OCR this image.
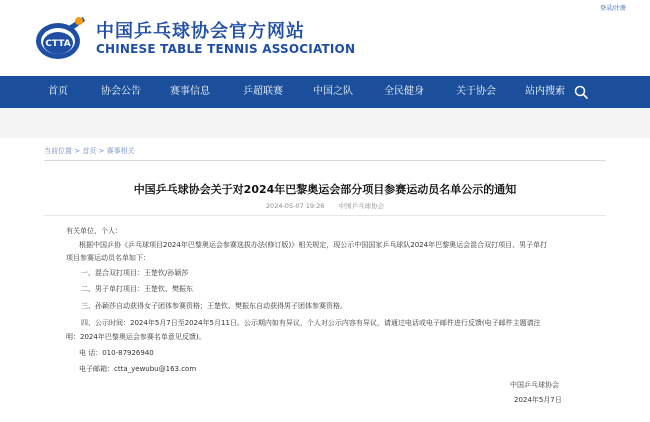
CTTA
中国乒乓球协会官方网站
CHINESE TABLE TENNIS ASSOCIATION
登录/注册
首页	协会公告	赛事信息	乒超联赛	中国之队	全民健身	关于协会	站内搜索
当前位置 > 首页 > 赛事相关
中国乒乓球协会关于对2024年巴黎奥运会部分项目参赛运动员名单公示的通知
2024-05-07 19:26 中国乒乓球协会
有关单位、个人：
根据中国乒协《乒乓球项目2024年巴黎奥运会参赛选拔办法(修订版)》相关规定，现公示中国国家乒乓球队2024年巴黎奥运会混合双打项目、男子单打
项目参赛运动员名单如下：
一、混合双打项目：王楚钦/孙颖莎
二、男子单打项目：王楚钦、樊振东
三、孙颖莎自动获得女子团体参赛资格；王楚钦、樊振东自动获得男子团体参赛资格。
四、公示时间：2024年5月7日至2024年5月11日。公示期内如有异议，个人对公示内容有异议，请通过电话或电子邮件进行反馈(电子邮件主题请注
明：2024年巴黎奥运会参赛名单意见反馈)。
电 话：010-87926940
电子邮箱：ctta_yewubu@163.com
中国乒乓球协会
2024年5月7日
